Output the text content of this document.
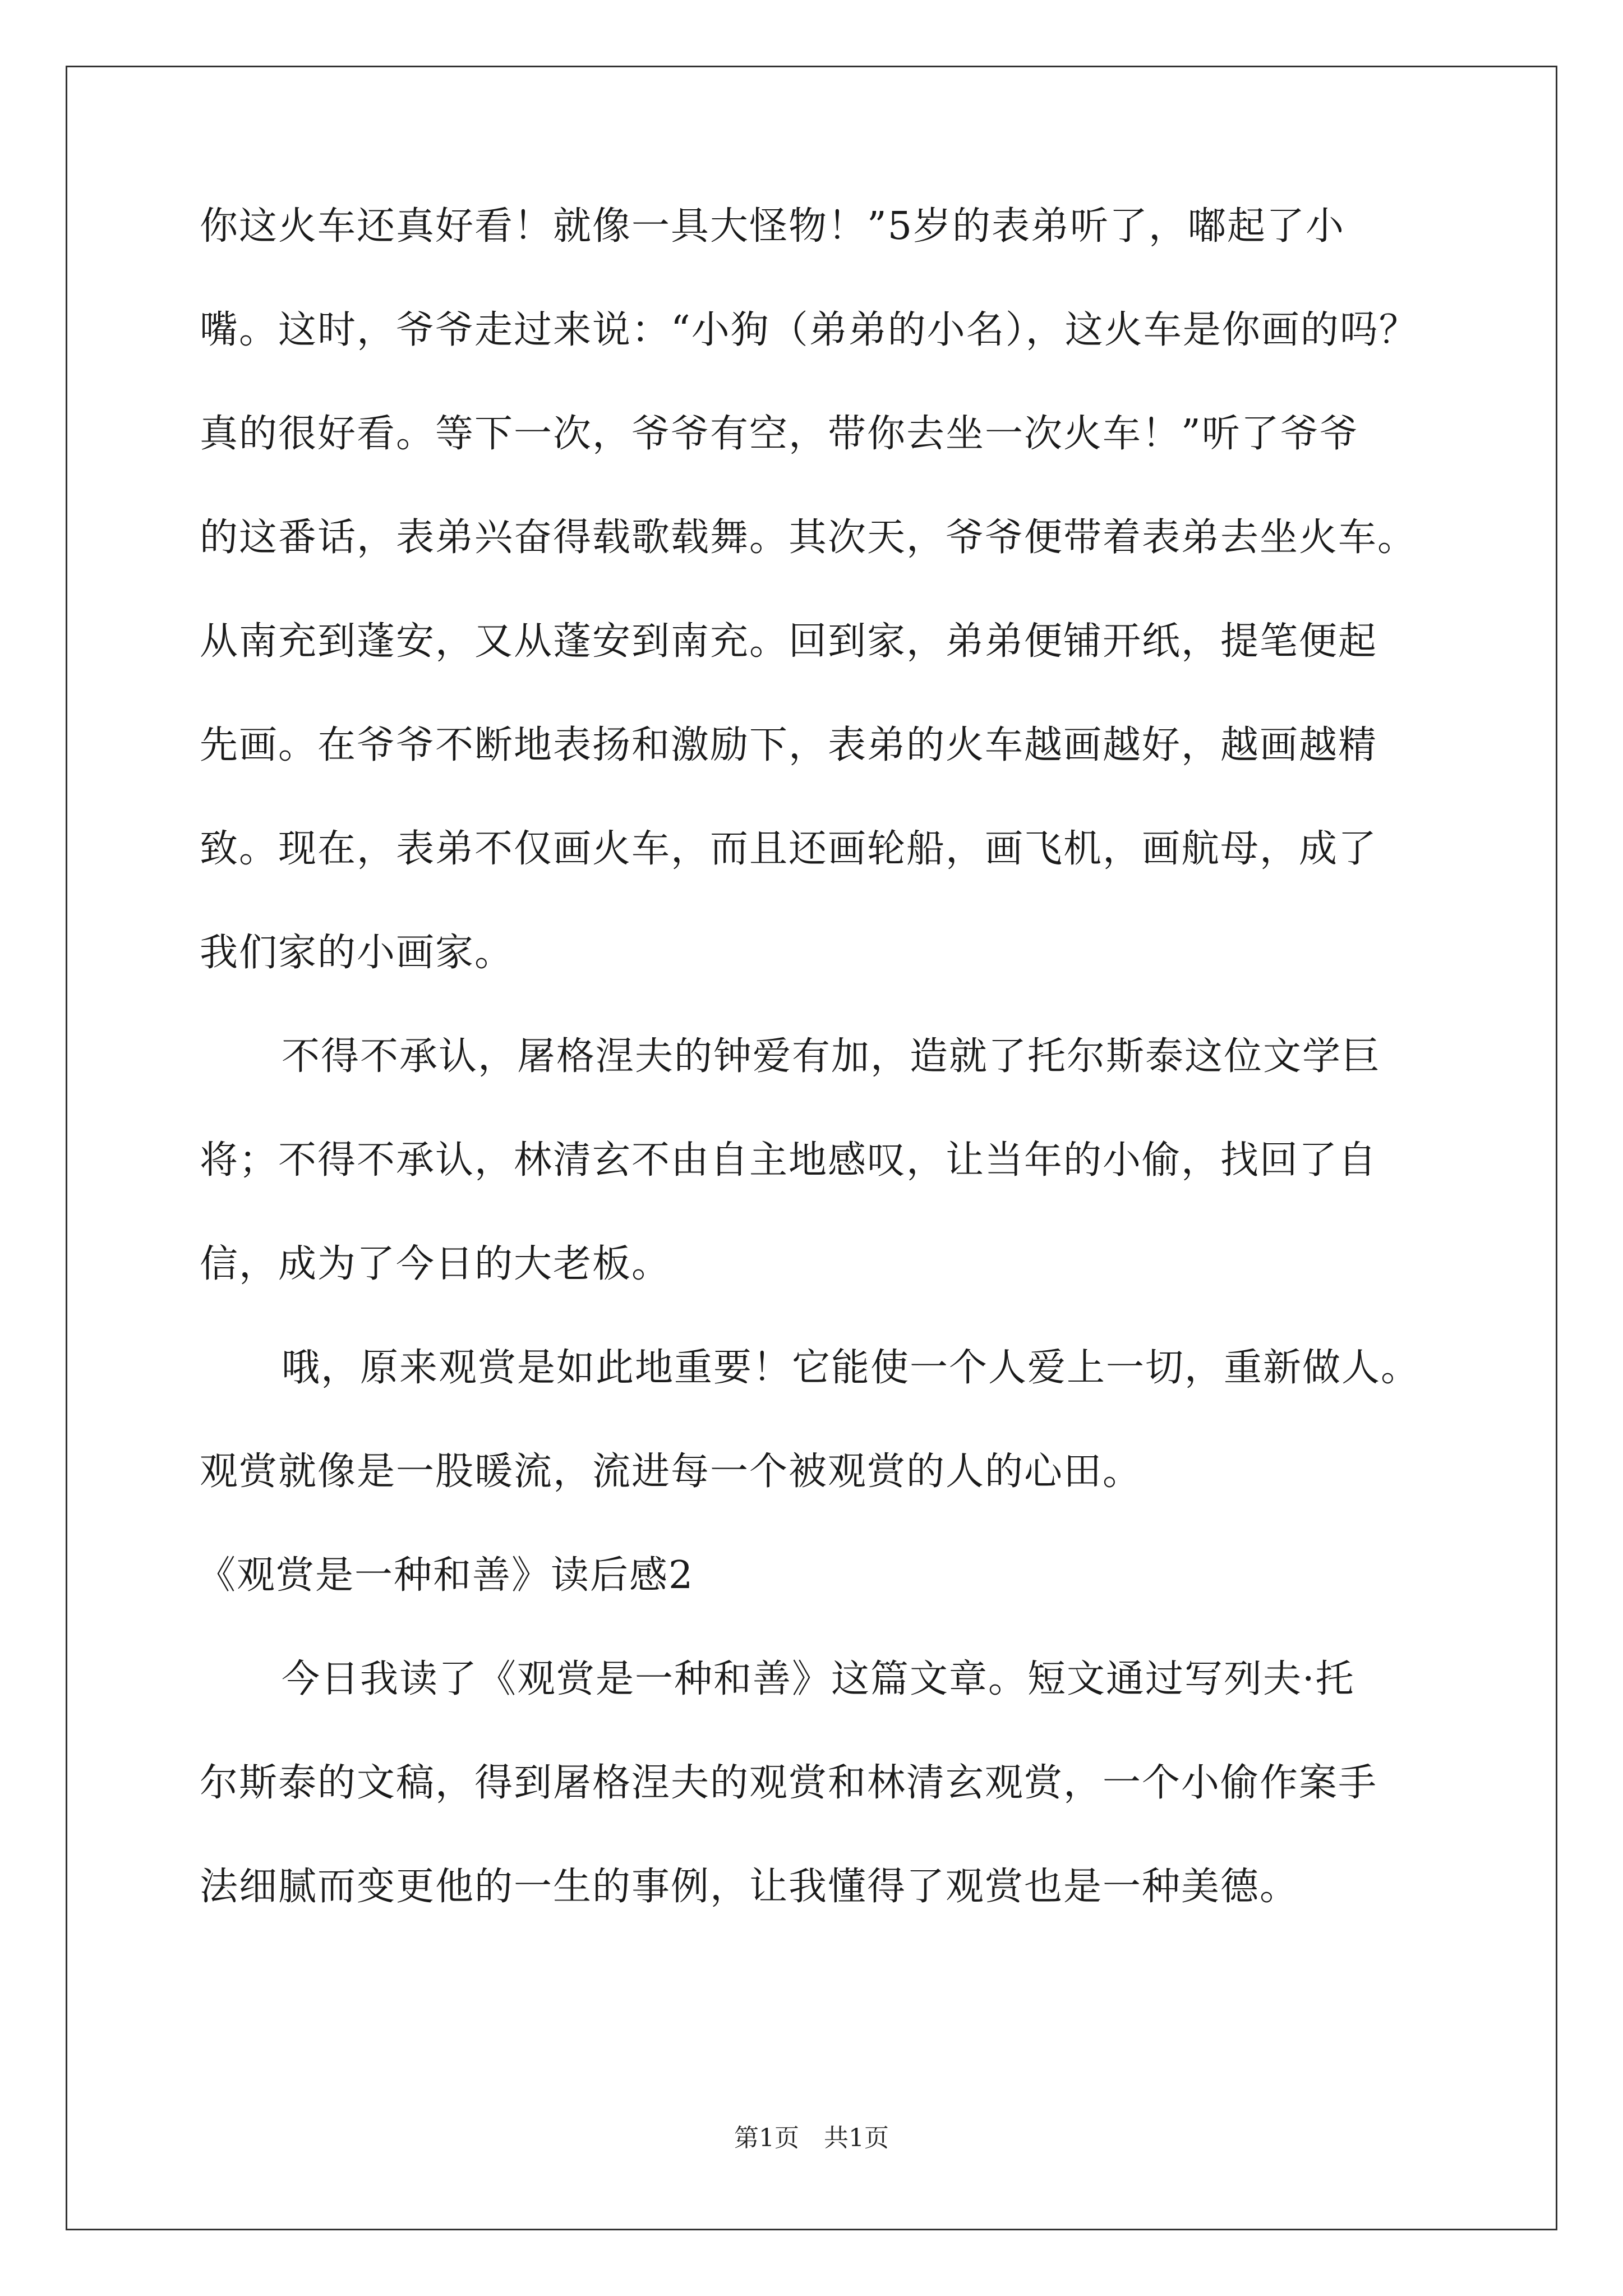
你这火车还真好看！就像一具大怪物！”5岁的表弟听了，嘟起了小
嘴。这时，爷爷走过来说：“小狗（弟弟的小名），这火车是你画的吗？
真的很好看。等下一次，爷爷有空，带你去坐一次火车！”听了爷爷
的这番话，表弟兴奋得载歌载舞。其次天，爷爷便带着表弟去坐火车。
从南充到蓬安，又从蓬安到南充。回到家，弟弟便铺开纸，提笔便起
先画。在爷爷不断地表扬和激励下，表弟的火车越画越好，越画越精
致。现在，表弟不仅画火车，而且还画轮船，画飞机，画航母，成了
我们家的小画家。
不得不承认，屠格涅夫的钟爱有加，造就了托尔斯泰这位文学巨
将；不得不承认，林清玄不由自主地感叹，让当年的小偷，找回了自
信，成为了今日的大老板。
哦，原来观赏是如此地重要！它能使一个人爱上一切，重新做人。
观赏就像是一股暖流，流进每一个被观赏的人的心田。
《观赏是一种和善》读后感2
今日我读了《观赏是一种和善》这篇文章。短文通过写列夫·托
尔斯泰的文稿，得到屠格涅夫的观赏和林清玄观赏，一个小偷作案手
法细腻而变更他的一生的事例，让我懂得了观赏也是一种美德。
第1页 共1页
